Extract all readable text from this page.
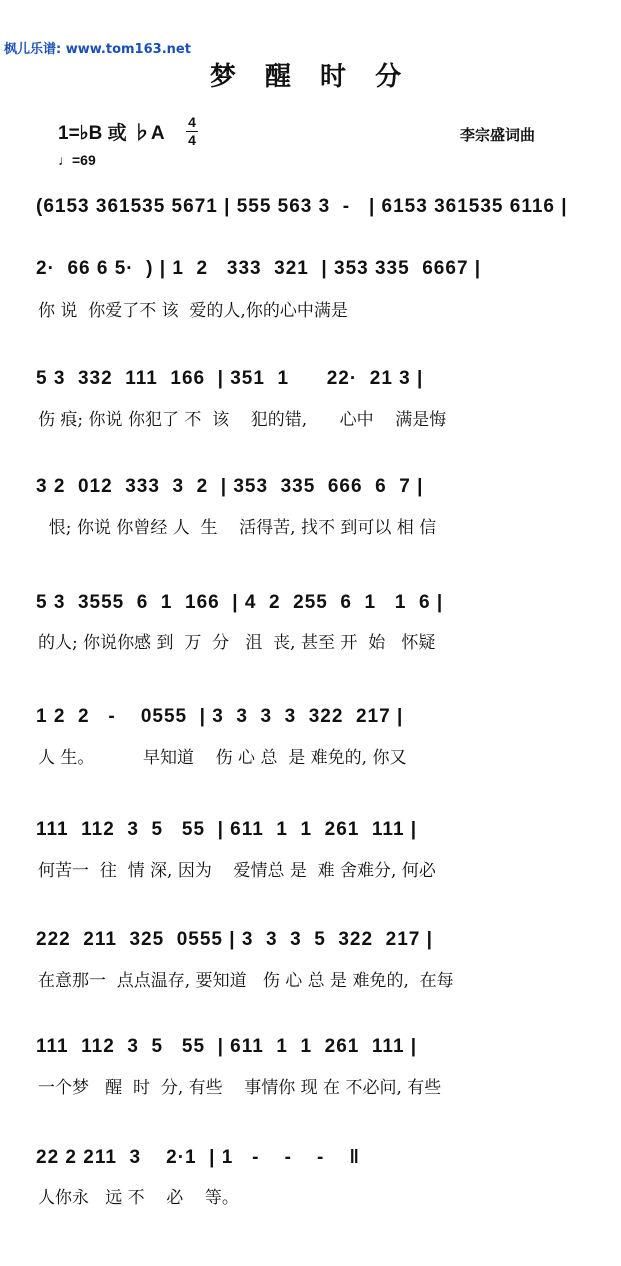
枫儿乐谱: www.tom163.net
梦 醒 时 分
1=♭B 或 ♭A
4
4
♩=69
李宗盛词曲
(6153 361535 5671 | 555 563 3  -   | 6153 361535 6116 |
2·  66 6 5·  ) | 1  2   333  321  | 353 335  6667 |
你 说  你爱了不 该  爱的人,你的心中满是
5 3  332  111  166  | 351  1      22·  21 3 |
伤 痕; 你说 你犯了 不  该    犯的错,      心中    满是悔
3 2  012  333  3  2  | 353  335  666  6  7 |
恨; 你说 你曾经 人  生    活得苦, 找不 到可以 相 信
5 3  3555  6  1  166  | 4  2  255  6  1   1  6 |
的人; 你说你感 到  万  分   沮  丧, 甚至 开  始   怀疑
1 2  2   -    0555  | 3  3  3  3  322  217 |
人 生。         早知道    伤 心 总  是 难免的, 你又
111  112  3  5   55  | 611  1  1  261  111 |
何苦一  往  情 深, 因为    爱情总 是  难 舍难分, 何必
222  211  325  0555 | 3  3  3  5  322  217 |
在意那一  点点温存, 要知道   伤 心 总 是 难免的,  在每
111  112  3  5   55  | 611  1  1  261  111 |
一个梦   醒  时  分, 有些    事情你 现 在 不必问, 有些
22 2 211  3    2·1  | 1   -    -    -    ‖
人你永   远 不    必    等。
